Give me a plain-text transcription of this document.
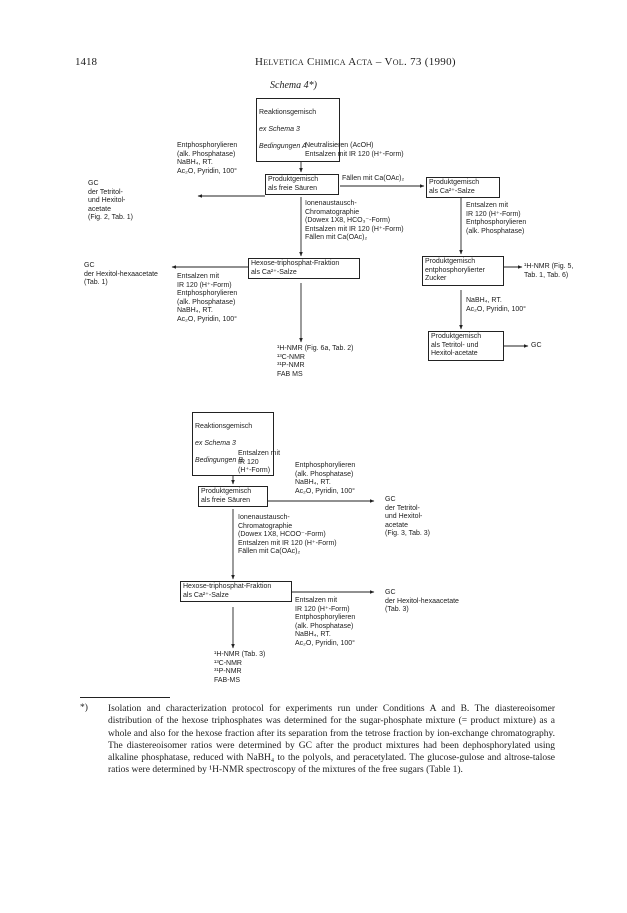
1418	Helvetica Chimica Acta – Vol. 73 (1990)
Schema 4*)

Reaktionsgemisch

ex Schema 3

Bedingungen A

Entphosphorylieren
(alk. Phosphatase)
NaBH₄, RT.
Ac₂O, Pyridin, 100°
Neutralisieren (AcOH)
Entsalzen mit IR 120 (H⁺-Form)
Produktgemisch
als freie Säuren
GC
der Tetritol-
und Hexitol-
acetate
(Fig. 2, Tab. 1)
Fällen mit Ca(OAc)₂
Produktgemisch
als Ca²⁺-Salze
Ionenaustausch-
Chromatographie
(Dowex 1X8, HCO₃⁻-Form)
Entsalzen mit IR 120 (H⁺-Form)
Fällen mit Ca(OAc)₂
Entsalzen mit
IR 120 (H⁺-Form)
Entphosphorylieren
(alk. Phosphatase)
Hexose-triphosphat-Fraktion
als Ca²⁺-Salze
GC
der Hexitol-hexaacetate
(Tab. 1)
Entsalzen mit
IR 120 (H⁺-Form)
Entphosphorylieren
(alk. Phosphatase)
NaBH₄, RT.
Ac₂O, Pyridin, 100°
Produktgemisch
entphosphorylierter
Zucker
¹H-NMR (Fig. 5,
Tab. 1, Tab. 6)
¹H-NMR (Fig. 6a, Tab. 2)
¹³C-NMR
³¹P-NMR
FAB MS
NaBH₄, RT.
Ac₂O, Pyridin, 100°
Produktgemisch
als Tetritol- und
Hexitol-acetate
GC

Reaktionsgemisch

ex Schema 3

Bedingungen B

Entsalzen mit
IR 120
(H⁺-Form)
Entphosphorylieren
(alk. Phosphatase)
NaBH₄, RT.
Ac₂O, Pyridin, 100°
Produktgemisch
als freie Säuren	GC
der Tetritol-
und Hexitol-
acetate
(Fig. 3, Tab. 3)
Ionenaustausch-
Chromatographie
(Dowex 1X8, HCOO⁻-Form)
Entsalzen mit IR 120 (H⁺-Form)
Fällen mit Ca(OAc)₂
Hexose-triphosphat-Fraktion
als Ca²⁺-Salze	GC
der Hexitol-hexaacetate
(Tab. 3)
Entsalzen mit
IR 120 (H⁺-Form)
Entphosphorylieren
(alk. Phosphatase)
NaBH₄, RT.
Ac₂O, Pyridin, 100°
¹H-NMR (Tab. 3)
¹³C-NMR
³¹P-NMR
FAB-MS
*) Isolation and characterization protocol for experiments run under Conditions A and B. The diastereoisomer distribution of the hexose triphosphates was determined for the sugar-phosphate mixture (= product mixture) as a whole and also for the hexose fraction after its separation from the tetrose fraction by ion-exchange chromatography. The diastereoisomer ratios were determined by GC after the product mixtures had been dephosphorylated using alkaline phosphatase, reduced with NaBH₄ to the polyols, and peracetylated. The glucose-gulose and altrose-talose ratios were determined by ¹H-NMR spectroscopy of the mixtures of the free sugars (Table 1).
